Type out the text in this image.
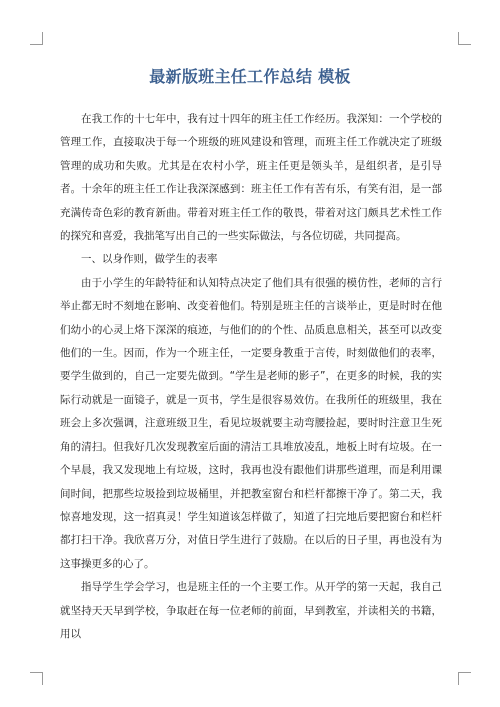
最新版班主任工作总结 模板

在我工作的十七年中，我有过十四年的班主任工作经历。我深知：一个学校的管理工作，直接取决于每一个班级的班风建设和管理，而班主任工作就决定了班级管理的成功和失败。尤其是在农村小学，班主任更是领头羊，是组织者，是引导者。十余年的班主任工作让我深深感到：班主任工作有苦有乐，有笑有泪，是一部充满传奇色彩的教育新曲。带着对班主任工作的敬畏，带着对这门颇具艺术性工作的探究和喜爱，我拙笔写出自己的一些实际做法，与各位切磋，共同提高。

一、以身作则，做学生的表率

由于小学生的年龄特征和认知特点决定了他们具有很强的模仿性，老师的言行举止都无时不刻地在影响、改变着他们。特别是班主任的言谈举止，更是时时在他们幼小的心灵上烙下深深的痕迹，与他们的的个性、品质息息相关，甚至可以改变他们的一生。因而，作为一个班主任，一定要身教重于言传，时刻做他们的表率，要学生做到的，自己一定要先做到。“学生是老师的影子”，在更多的时候，我的实际行动就是一面镜子，就是一页书，学生是很容易效仿。在我所任的班级里，我在班会上多次强调，注意班级卫生，看见垃圾就要主动弯腰捡起，要时时注意卫生死角的清扫。但我好几次发现教室后面的清洁工具堆放凌乱，地板上时有垃圾。在一个早晨，我又发现地上有垃圾，这时，我再也没有跟他们讲那些道理，而是利用课间时间，把那些垃圾捡到垃圾桶里，并把教室窗台和栏杆都擦干净了。第二天，我惊喜地发现，这一招真灵！学生知道该怎样做了，知道了扫完地后要把窗台和栏杆都打扫干净。我欣喜万分，对值日学生进行了鼓励。在以后的日子里，再也没有为这事操更多的心了。

指导学生学会学习，也是班主任的一个主要工作。从开学的第一天起，我自己就坚持天天早到学校，争取赶在每一位老师的前面，早到教室，并读相关的书籍，用以
